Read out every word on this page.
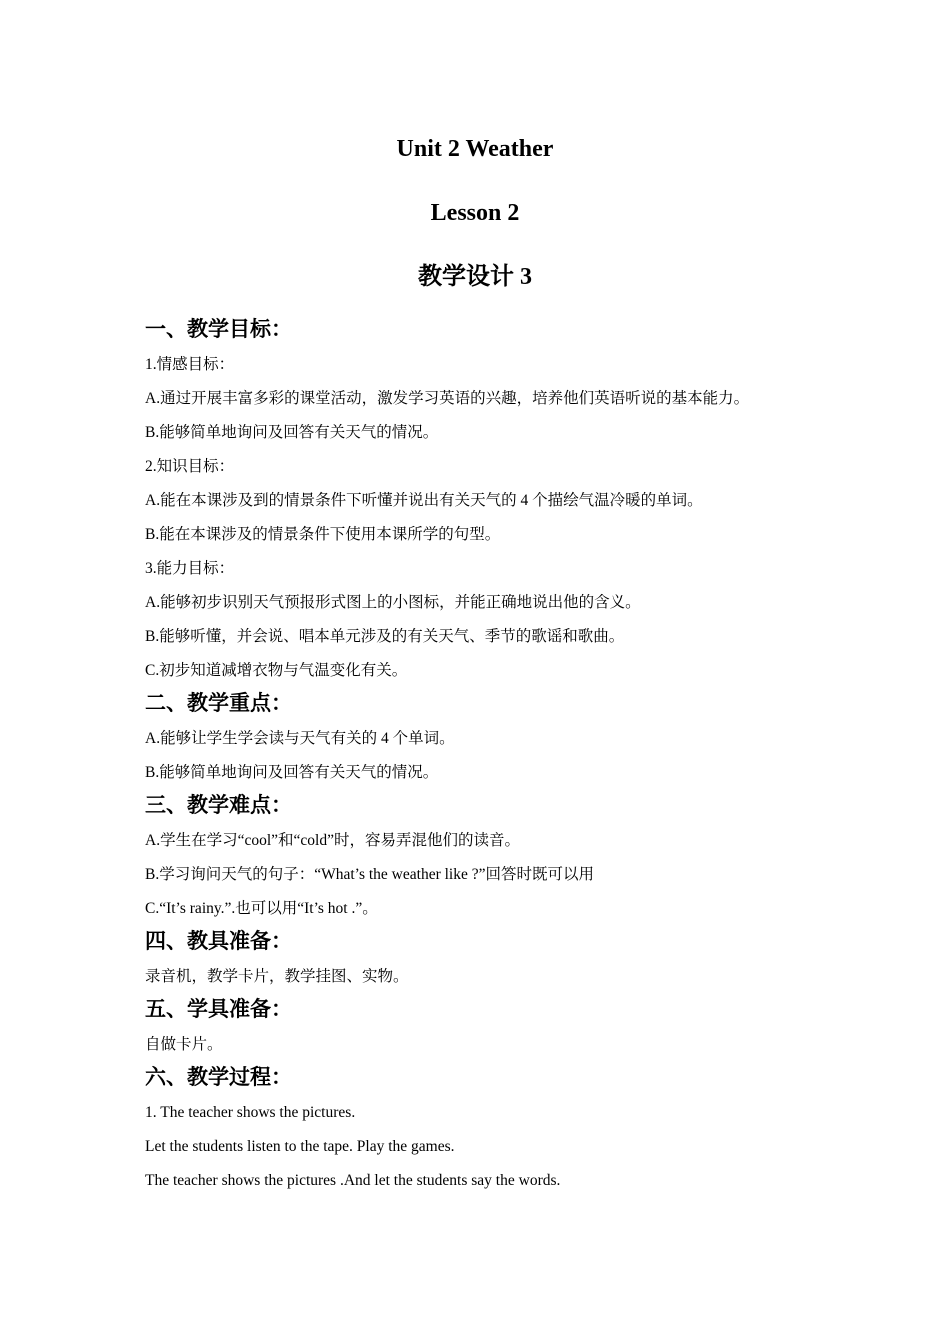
Unit 2 Weather
Lesson 2
教学设计 3
一、教学目标：
1.情感目标：
A.通过开展丰富多彩的课堂活动，激发学习英语的兴趣，培养他们英语听说的基本能力。
B.能够简单地询问及回答有关天气的情况。
2.知识目标：
A.能在本课涉及到的情景条件下听懂并说出有关天气的 4 个描绘气温冷暖的单词。
B.能在本课涉及的情景条件下使用本课所学的句型。
3.能力目标：
A.能够初步识别天气预报形式图上的小图标，并能正确地说出他的含义。
B.能够听懂，并会说、唱本单元涉及的有关天气、季节的歌谣和歌曲。
C.初步知道减增衣物与气温变化有关。
二、教学重点：
A.能够让学生学会读与天气有关的 4 个单词。
B.能够简单地询问及回答有关天气的情况。
三、教学难点：
A.学生在学习“cool”和“cold”时，容易弄混他们的读音。
B.学习询问天气的句子：“What’s the weather like ?”回答时既可以用
C.“It’s rainy.”.也可以用“It’s hot .”。
四、教具准备：
录音机，教学卡片，教学挂图、实物。
五、学具准备：
自做卡片。
六、教学过程：
1. The teacher shows the pictures.
Let the students listen to the tape. Play the games.
The teacher shows the pictures .And let the students say the words.
